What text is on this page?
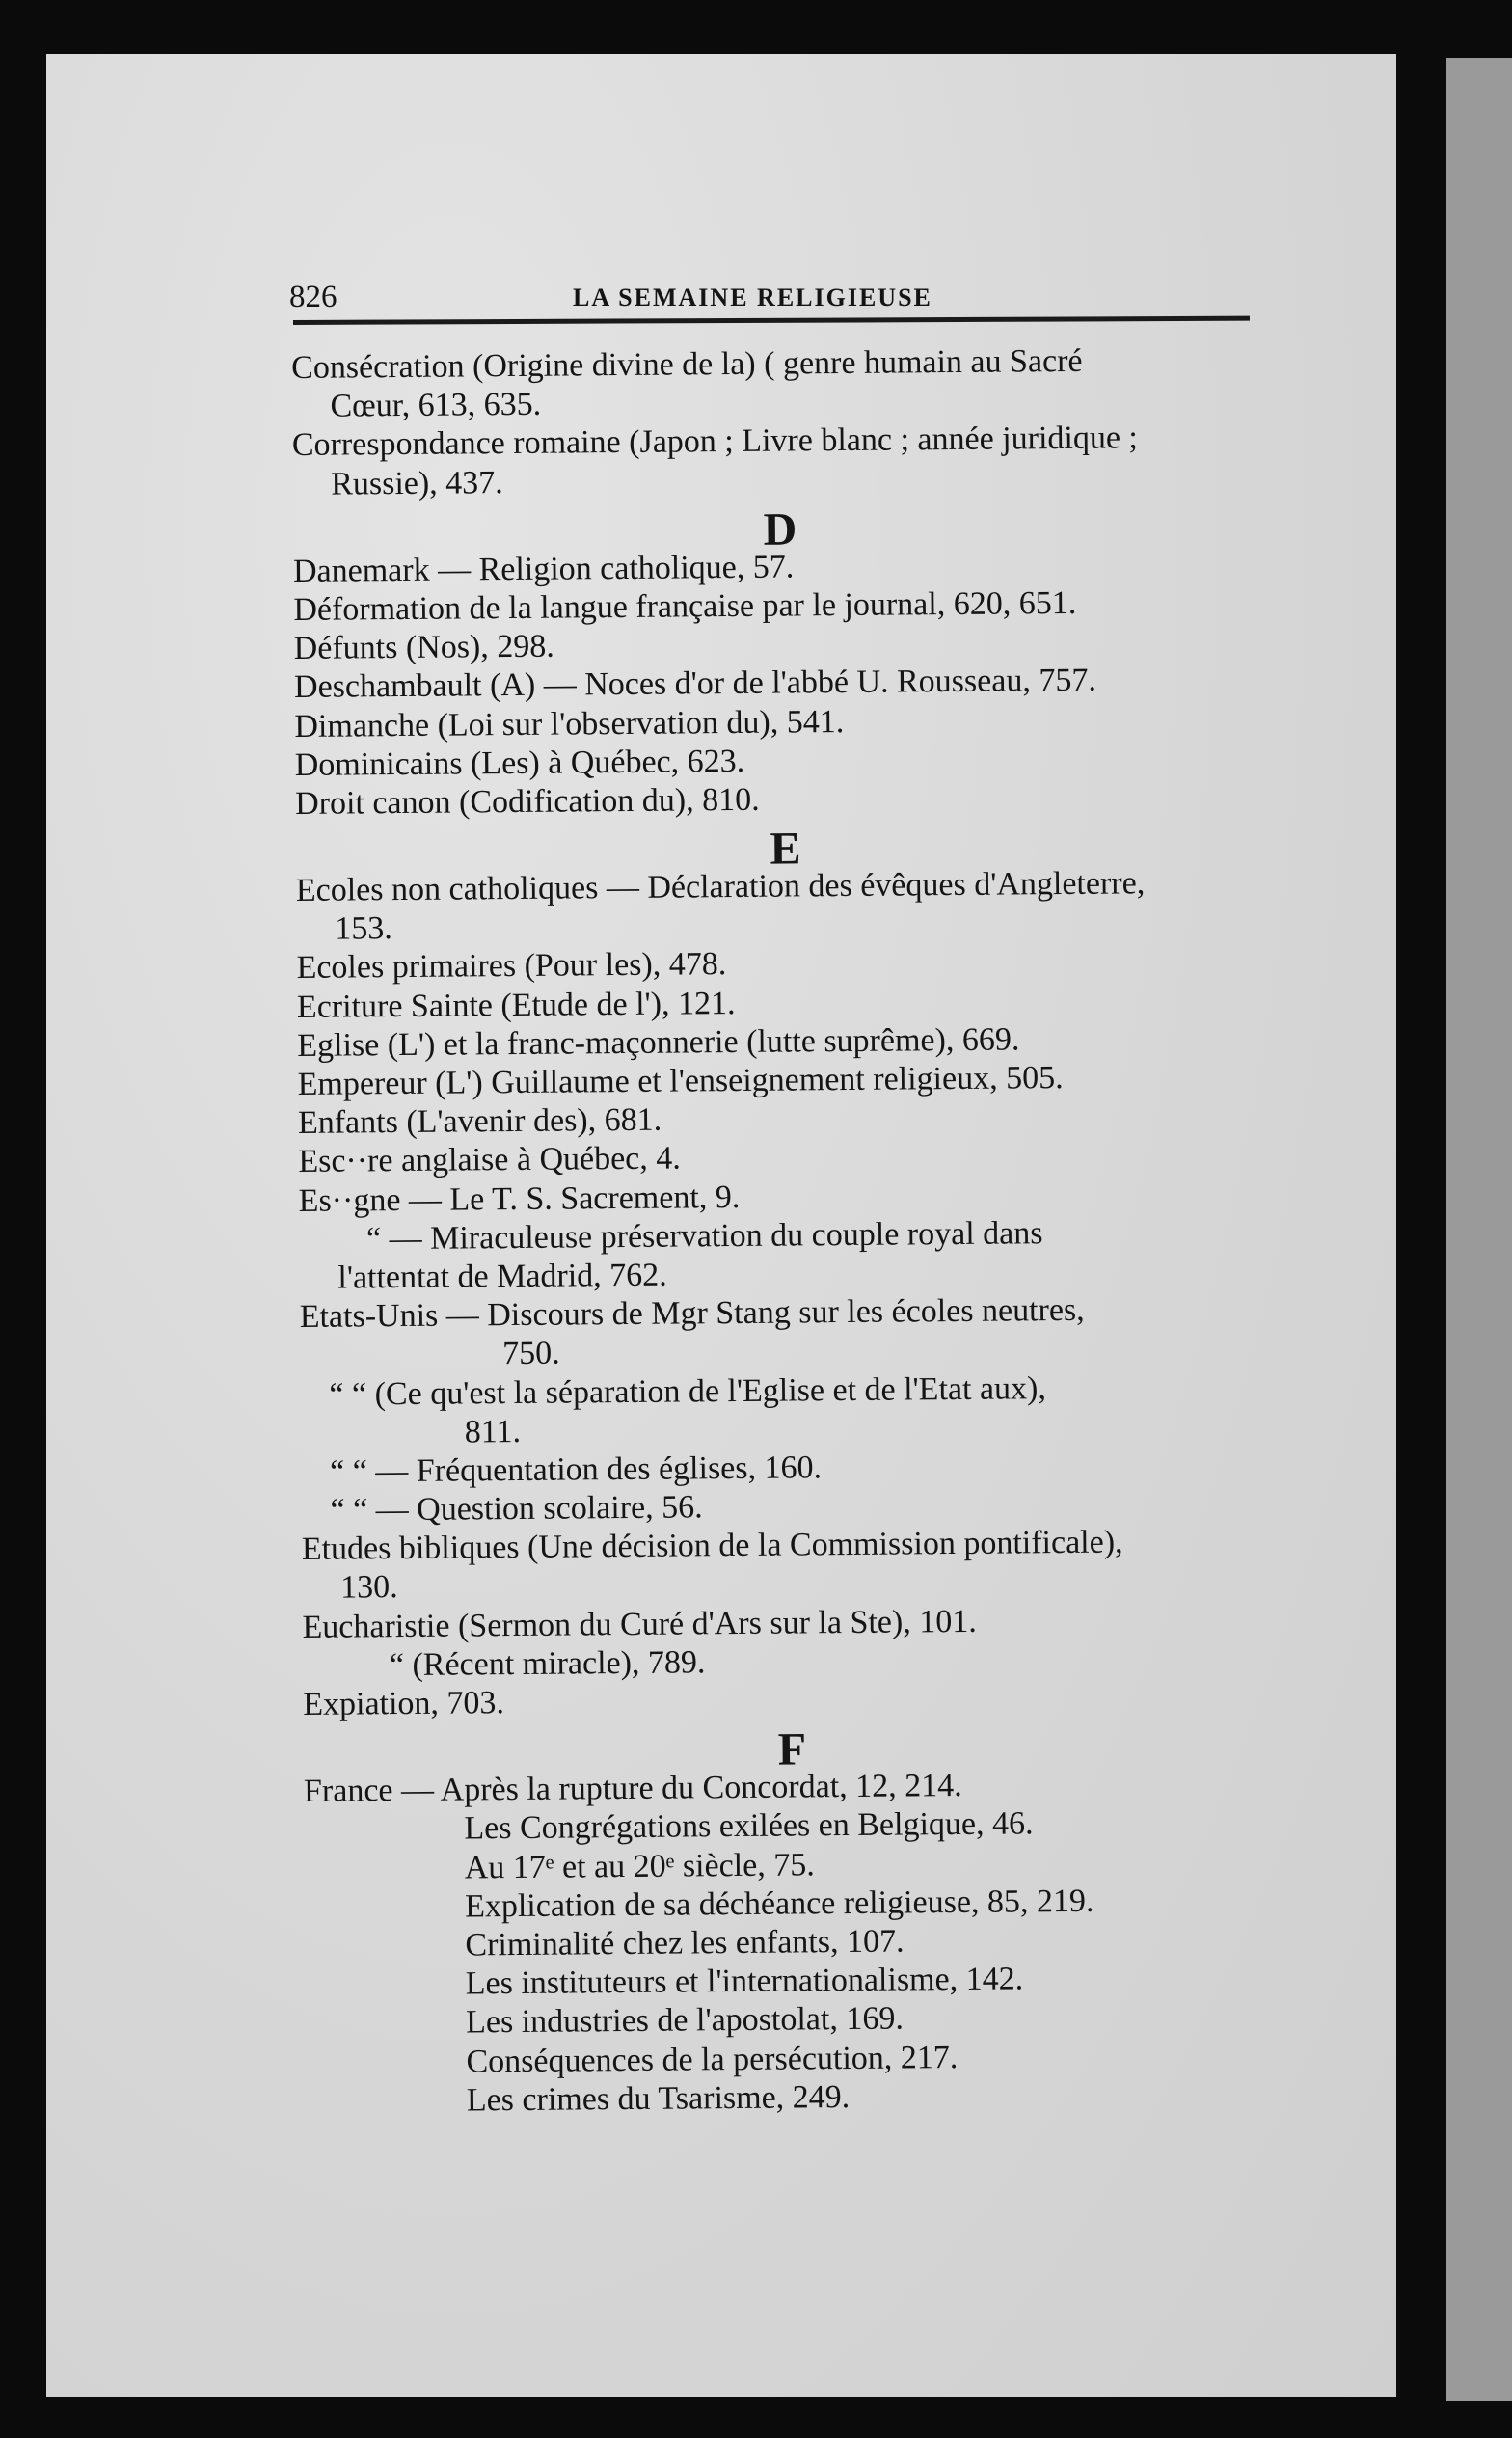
826	LA SEMAINE RELIGIEUSE
Consécration (Origine divine de la) ( genre humain au Sacré
Cœur, 613, 635.
Correspondance romaine (Japon ; Livre blanc ; année juridique ;
Russie), 437.
D
Danemark — Religion catholique, 57.
Déformation de la langue française par le journal, 620, 651.
Défunts (Nos), 298.
Deschambault (A) — Noces d'or de l'abbé U. Rousseau, 757.
Dimanche (Loi sur l'observation du), 541.
Dominicains (Les) à Québec, 623.
Droit canon (Codification du), 810.
E
Ecoles non catholiques — Déclaration des évêques d'Angleterre,
153.
Ecoles primaires (Pour les), 478.
Ecriture Sainte (Etude de l'), 121.
Eglise (L') et la franc-maçonnerie (lutte suprême), 669.
Empereur (L') Guillaume et l'enseignement religieux, 505.
Enfants (L'avenir des), 681.
Esc··re anglaise à Québec, 4.
Es··gne — Le T. S. Sacrement, 9.
“ — Miraculeuse préservation du couple royal dans
l'attentat de Madrid, 762.
Etats-Unis — Discours de Mgr Stang sur les écoles neutres,
750.
“ “ (Ce qu'est la séparation de l'Eglise et de l'Etat aux),
811.
“ “ — Fréquentation des églises, 160.
“ “ — Question scolaire, 56.
Etudes bibliques (Une décision de la Commission pontificale),
130.
Eucharistie (Sermon du Curé d'Ars sur la Ste), 101.
“ (Récent miracle), 789.
Expiation, 703.
F
France — Après la rupture du Concordat, 12, 214.
Les Congrégations exilées en Belgique, 46.
Au 17ᵉ et au 20ᵉ siècle, 75.
Explication de sa déchéance religieuse, 85, 219.
Criminalité chez les enfants, 107.
Les instituteurs et l'internationalisme, 142.
Les industries de l'apostolat, 169.
Conséquences de la persécution, 217.
Les crimes du Tsarisme, 249.
